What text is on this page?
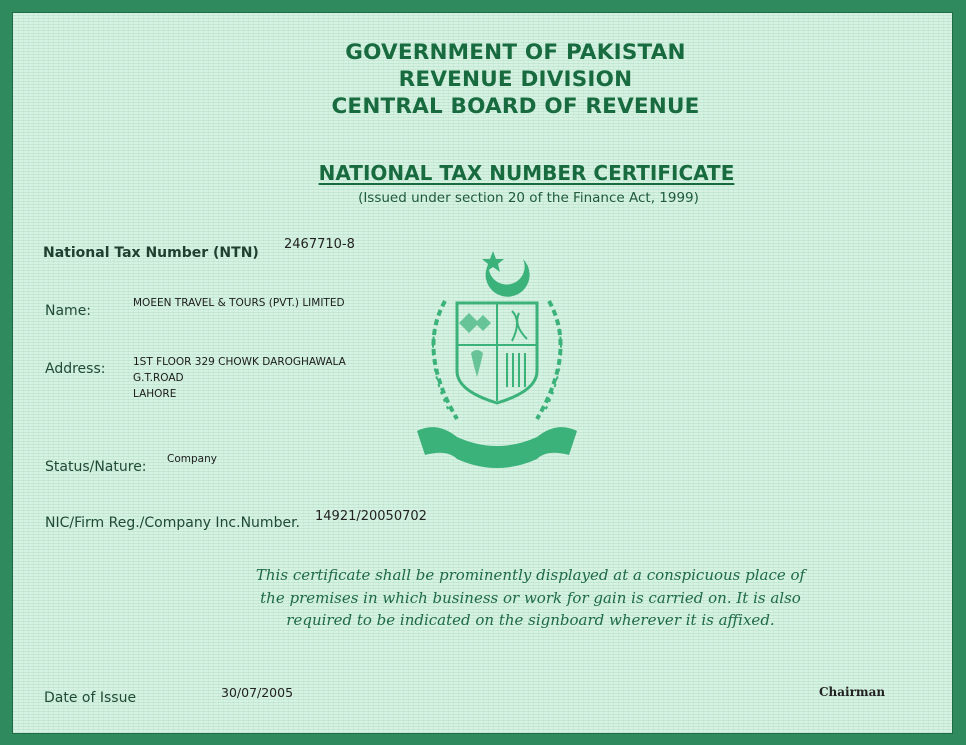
GOVERNMENT OF PAKISTAN
REVENUE DIVISION
CENTRAL BOARD OF REVENUE
NATIONAL TAX NUMBER CERTIFICATE
(Issued under section 20 of the Finance Act, 1999)
National Tax Number (NTN)
2467710-8
Name:	MOEEN TRAVEL & TOURS (PVT.) LIMITED
Address:	1ST FLOOR 329 CHOWK DAROGHAWALA
G.T.ROAD
LAHORE
Status/Nature: Company
NIC/Firm Reg./Company Inc.Number. 14921/20050702
This certificate shall be prominently displayed at a conspicuous place of
the premises in which business or work for gain is carried on. It is also
required to be indicated on the signboard wherever it is affixed.
Date of Issue	30/07/2005	Chairman
